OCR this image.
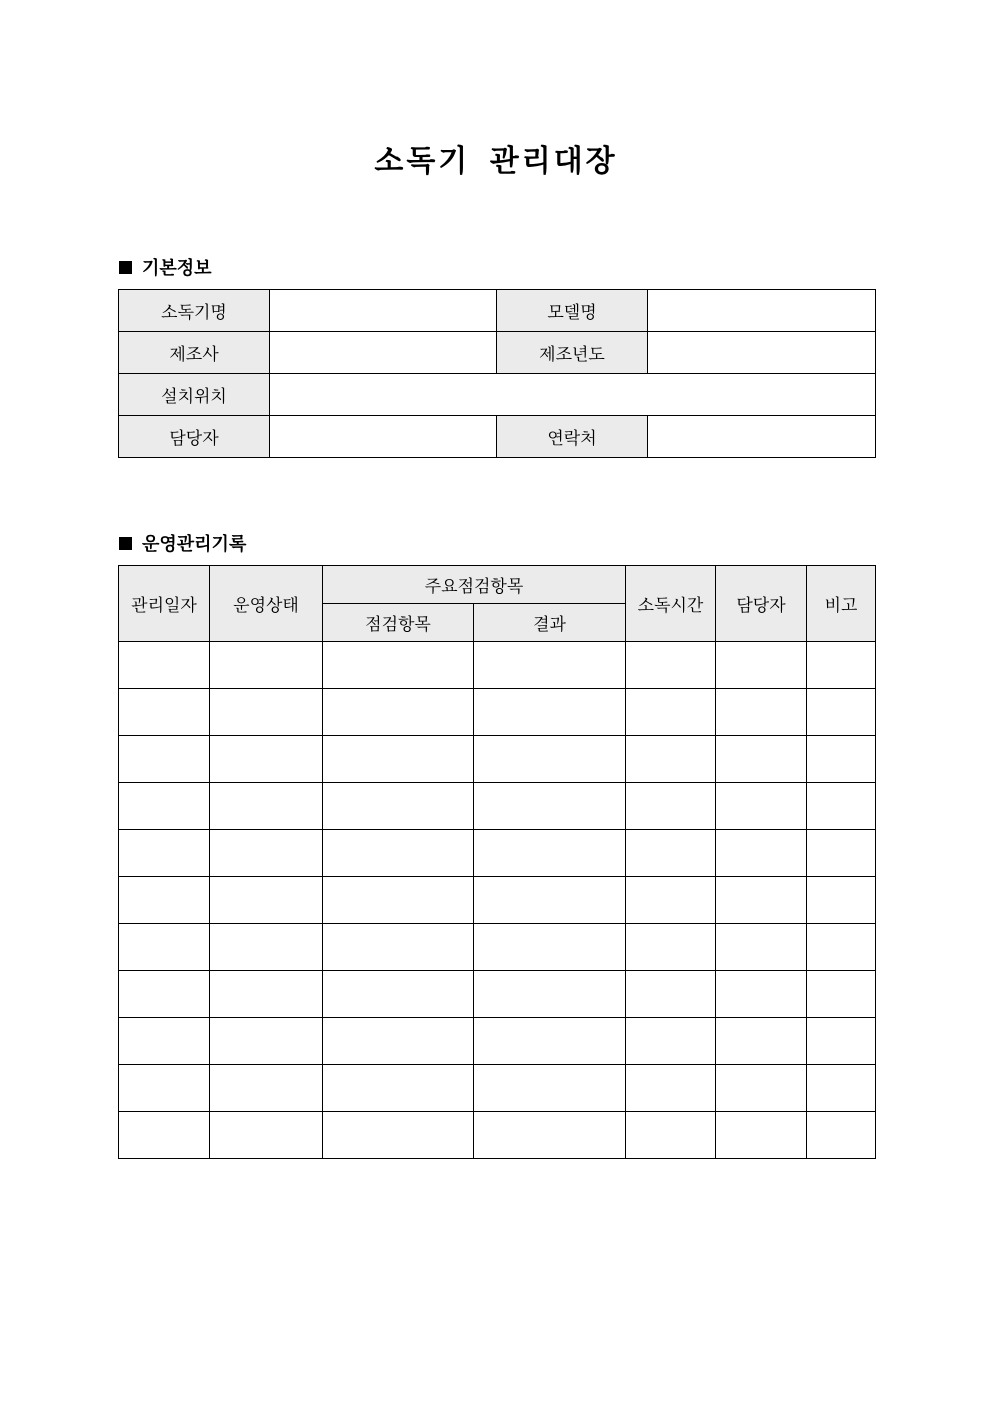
소독기 관리대장
기본정보
소독기명		모델명	
제조사		제조년도	
설치위치			
담당자		연락처	
운영관리기록
관리일자	운영상태	주요점검항목		소독시간	담당자	비고
		점검항목	결과			
